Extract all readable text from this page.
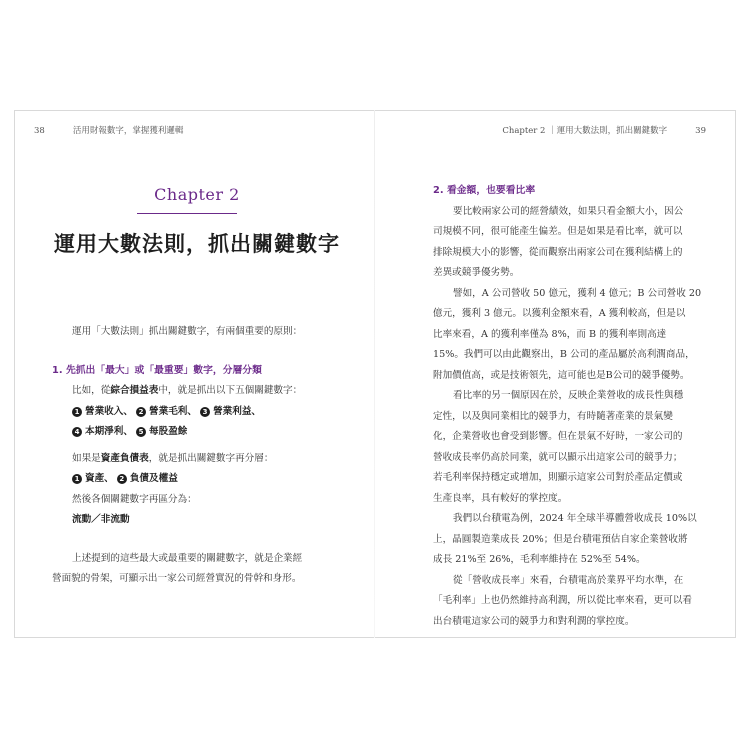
38	活用財報數字，掌握獲利邏輯	Chapter 2 ｜運用大數法則，抓出關鍵數字	39
Chapter 2
運用大數法則，抓出關鍵數字
運用「大數法則」抓出關鍵數字，有兩個重要的原則：
1. 先抓出「最大」或「最重要」數字，分層分類
比如，從綜合損益表中，就是抓出以下五個關鍵數字：
1 營業收入、 2 營業毛利、 3 營業利益、
4 本期淨利、 5 每股盈餘
如果是資產負債表，就是抓出關鍵數字再分層：
1 資產、 2 負債及權益
然後各個關鍵數字再區分為：
流動／非流動
上述提到的這些最大或最重要的關鍵數字，就是企業經
營面貌的骨架，可顯示出一家公司經營實況的骨幹和身形。
2. 看金額，也要看比率
要比較兩家公司的經營績效，如果只看金額大小，因公
司規模不同，很可能產生偏差。但是如果是看比率，就可以
排除規模大小的影響，從而觀察出兩家公司在獲利結構上的
差異或競爭優劣勢。
譬如，A 公司營收 50 億元，獲利 4 億元；B 公司營收 20
億元，獲利 3 億元。以獲利金額來看，A 獲利較高，但是以
比率來看，A 的獲利率僅為 8%，而 B 的獲利率則高達
15%。我們可以由此觀察出，B 公司的產品屬於高利潤商品，
附加價值高，或是技術領先，這可能也是B公司的競爭優勢。
看比率的另一個原因在於，反映企業營收的成長性與穩
定性，以及與同業相比的競爭力，有時隨著產業的景氣變
化，企業營收也會受到影響。但在景氣不好時，一家公司的
營收成長率仍高於同業，就可以顯示出這家公司的競爭力；
若毛利率保持穩定或增加，則顯示這家公司對於產品定價或
生產良率，具有較好的掌控度。
我們以台積電為例，2024 年全球半導體營收成長 10%以
上，晶圓製造業成長 20%；但是台積電預估自家企業營收將
成長 21%至 26%，毛利率維持在 52%至 54%。
從「營收成長率」來看，台積電高於業界平均水準，在
「毛利率」上也仍然維持高利潤，所以從比率來看，更可以看
出台積電這家公司的競爭力和對利潤的掌控度。
